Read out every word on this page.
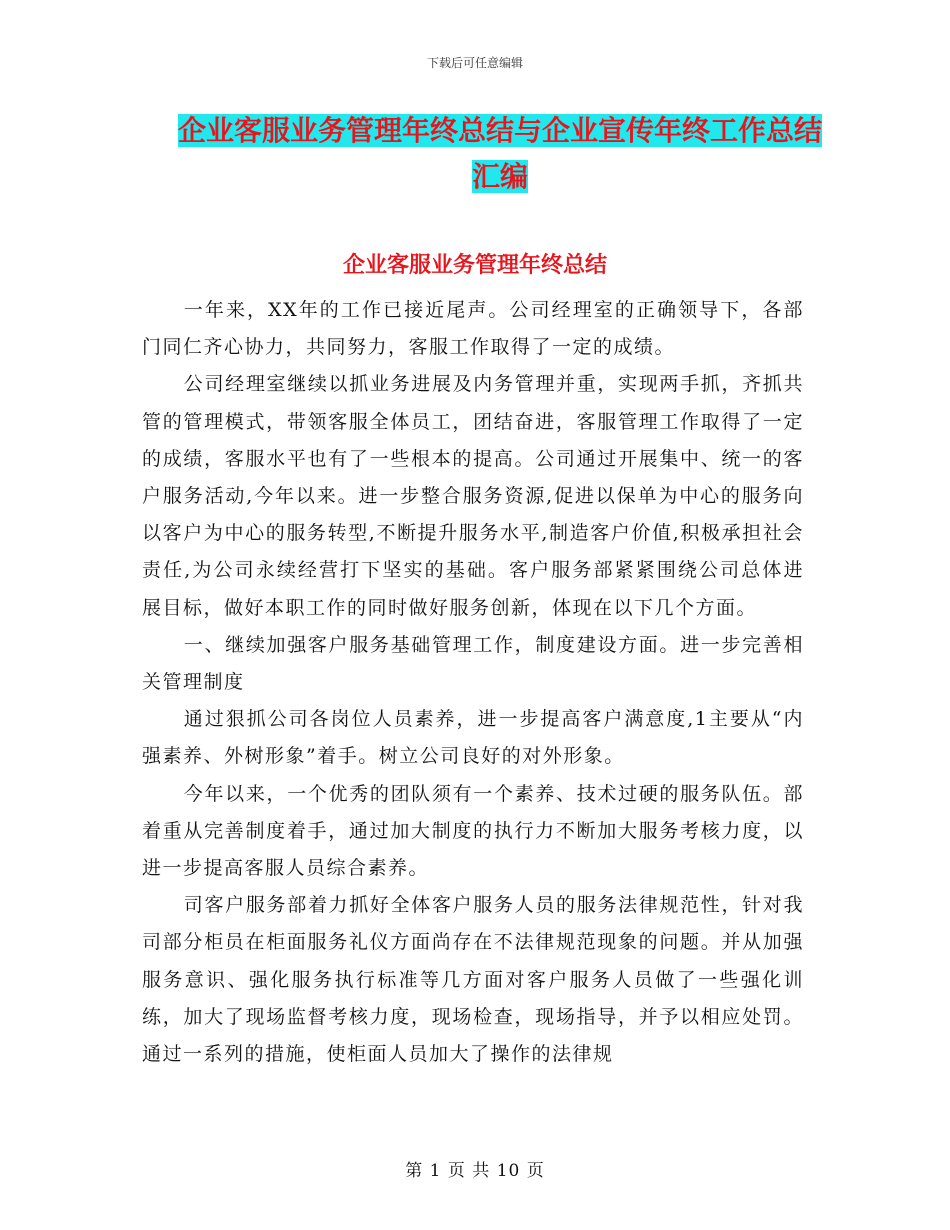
下载后可任意编辑
企业客服业务管理年终总结与企业宣传年终工作总结
汇编
企业客服业务管理年终总结

一年来，XX年的工作已接近尾声。公司经理室的正确领导下，各部门同仁齐心协力，共同努力，客服工作取得了一定的成绩。

公司经理室继续以抓业务进展及内务管理并重，实现两手抓，齐抓共管的管理模式，带领客服全体员工，团结奋进，客服管理工作取得了一定的成绩，客服水平也有了一些根本的提高。公司通过开展集中、统一的客户服务活动,今年以来。进一步整合服务资源,促进以保单为中心的服务向以客户为中心的服务转型,不断提升服务水平,制造客户价值,积极承担社会责任,为公司永续经营打下坚实的基础。客户服务部紧紧围绕公司总体进展目标，做好本职工作的同时做好服务创新，体现在以下几个方面。

一、继续加强客户服务基础管理工作，制度建设方面。进一步完善相关管理制度

通过狠抓公司各岗位人员素养，进一步提高客户满意度,1主要从“内强素养、外树形象”着手。树立公司良好的对外形象。

今年以来，一个优秀的团队须有一个素养、技术过硬的服务队伍。部着重从完善制度着手，通过加大制度的执行力不断加大服务考核力度，以进一步提高客服人员综合素养。

司客户服务部着力抓好全体客户服务人员的服务法律规范性，针对我司部分柜员在柜面服务礼仪方面尚存在不法律规范现象的问题。并从加强服务意识、强化服务执行标准等几方面对客户服务人员做了一些强化训练，加大了现场监督考核力度，现场检查，现场指导，并予以相应处罚。通过一系列的措施，使柜面人员加大了操作的法律规

第 1 页 共 10 页
